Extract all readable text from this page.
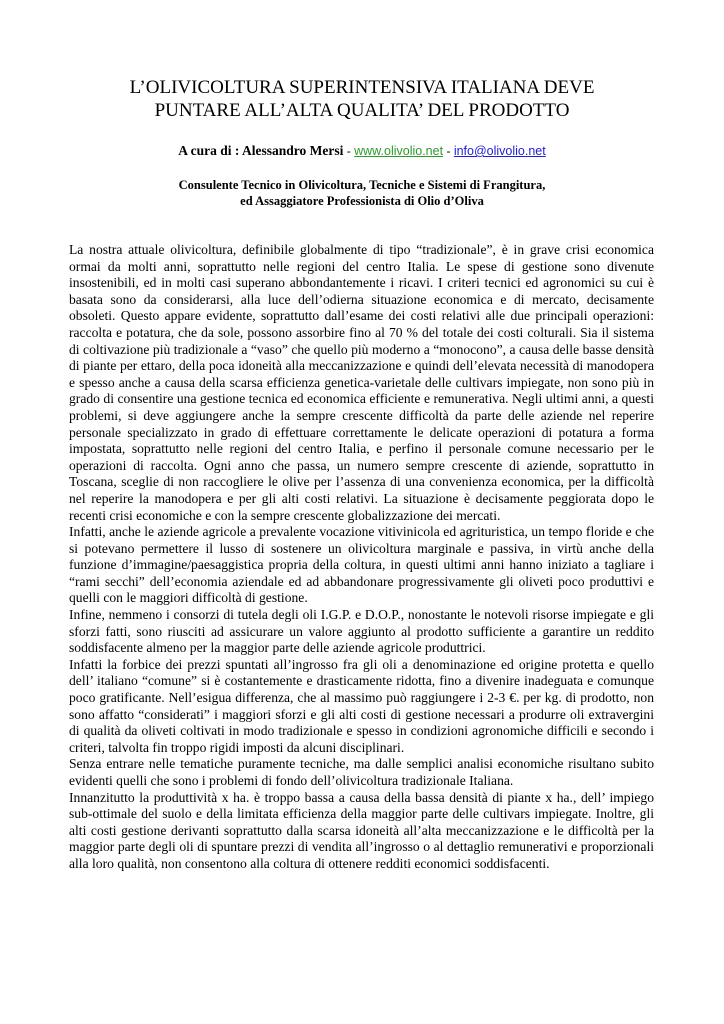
L’OLIVICOLTURA SUPERINTENSIVA ITALIANA DEVE
PUNTARE ALL’ALTA QUALITA’ DEL PRODOTTO
A cura di : Alessandro Mersi - www.olivolio.net - info@olivolio.net
Consulente Tecnico in Olivicoltura, Tecniche e Sistemi di Frangitura,
ed Assaggiatore Professionista di Olio d’Oliva

La nostra attuale olivicoltura, definibile globalmente di tipo “tradizionale”, è in grave crisi economica ormai da molti anni, soprattutto nelle regioni del centro Italia. Le spese di gestione sono divenute insostenibili, ed in molti casi superano abbondantemente i ricavi. I criteri tecnici ed agronomici su cui è basata sono da considerarsi, alla luce dell’odierna situazione economica e di mercato, decisamente obsoleti. Questo appare evidente, soprattutto dall’esame dei costi relativi alle due principali operazioni: raccolta e potatura, che da sole, possono assorbire fino al 70 % del totale dei costi colturali. Sia il sistema di coltivazione più tradizionale a “vaso” che quello più moderno a “monocono”, a causa delle basse densità di piante per ettaro, della poca idoneità alla meccanizzazione e quindi dell’elevata necessità di manodopera e spesso anche a causa della scarsa efficienza genetica-varietale delle cultivars impiegate, non sono più in grado di consentire una gestione tecnica ed economica efficiente e remunerativa. Negli ultimi anni, a questi problemi, si deve aggiungere anche la sempre crescente difficoltà da parte delle aziende nel reperire personale specializzato in grado di effettuare correttamente le delicate operazioni di potatura a forma impostata, soprattutto nelle regioni del centro Italia, e perfino il personale comune necessario per le operazioni di raccolta. Ogni anno che passa, un numero sempre crescente di aziende, soprattutto in Toscana, sceglie di non raccogliere le olive per l’assenza di una convenienza economica, per la difficoltà nel reperire la manodopera e per gli alti costi relativi. La situazione è decisamente peggiorata dopo le recenti crisi economiche e con la sempre crescente globalizzazione dei mercati.

Infatti, anche le aziende agricole a prevalente vocazione vitivinicola ed agrituristica, un tempo floride e che si potevano permettere il lusso di sostenere un olivicoltura marginale e passiva, in virtù anche della funzione d’immagine/paesaggistica propria della coltura, in questi ultimi anni hanno iniziato a tagliare i “rami secchi” dell’economia aziendale ed ad abbandonare progressivamente gli oliveti poco produttivi e quelli con le maggiori difficoltà di gestione.

Infine, nemmeno i consorzi di tutela degli oli I.G.P. e D.O.P., nonostante le notevoli risorse impiegate e gli sforzi fatti, sono riusciti ad assicurare un valore aggiunto al prodotto sufficiente a garantire un reddito soddisfacente almeno per la maggior parte delle aziende agricole produttrici.

Infatti la forbice dei prezzi spuntati all’ingrosso fra gli oli a denominazione ed origine protetta e quello dell’ italiano “comune” si è costantemente e drasticamente ridotta, fino a divenire inadeguata e comunque poco gratificante. Nell’esigua differenza, che al massimo può raggiungere i 2-3 €. per kg. di prodotto, non sono affatto “considerati” i maggiori sforzi e gli alti costi di gestione necessari a produrre oli extravergini di qualità da oliveti coltivati in modo tradizionale e spesso in condizioni agronomiche difficili e secondo i criteri, talvolta fin troppo rigidi imposti da alcuni disciplinari.

Senza entrare nelle tematiche puramente tecniche, ma dalle semplici analisi economiche risultano subito evidenti quelli che sono i problemi di fondo dell’olivicoltura tradizionale Italiana.

Innanzitutto la produttività x ha. è troppo bassa a causa della bassa densità di piante x ha., dell’ impiego sub-ottimale del suolo e della limitata efficienza della maggior parte delle cultivars impiegate. Inoltre, gli alti costi gestione derivanti soprattutto dalla scarsa idoneità all’alta meccanizzazione e le difficoltà per la maggior parte degli oli di spuntare prezzi di vendita all’ingrosso o al dettaglio remunerativi e proporzionali alla loro qualità, non consentono alla coltura di ottenere redditi economici soddisfacenti.
